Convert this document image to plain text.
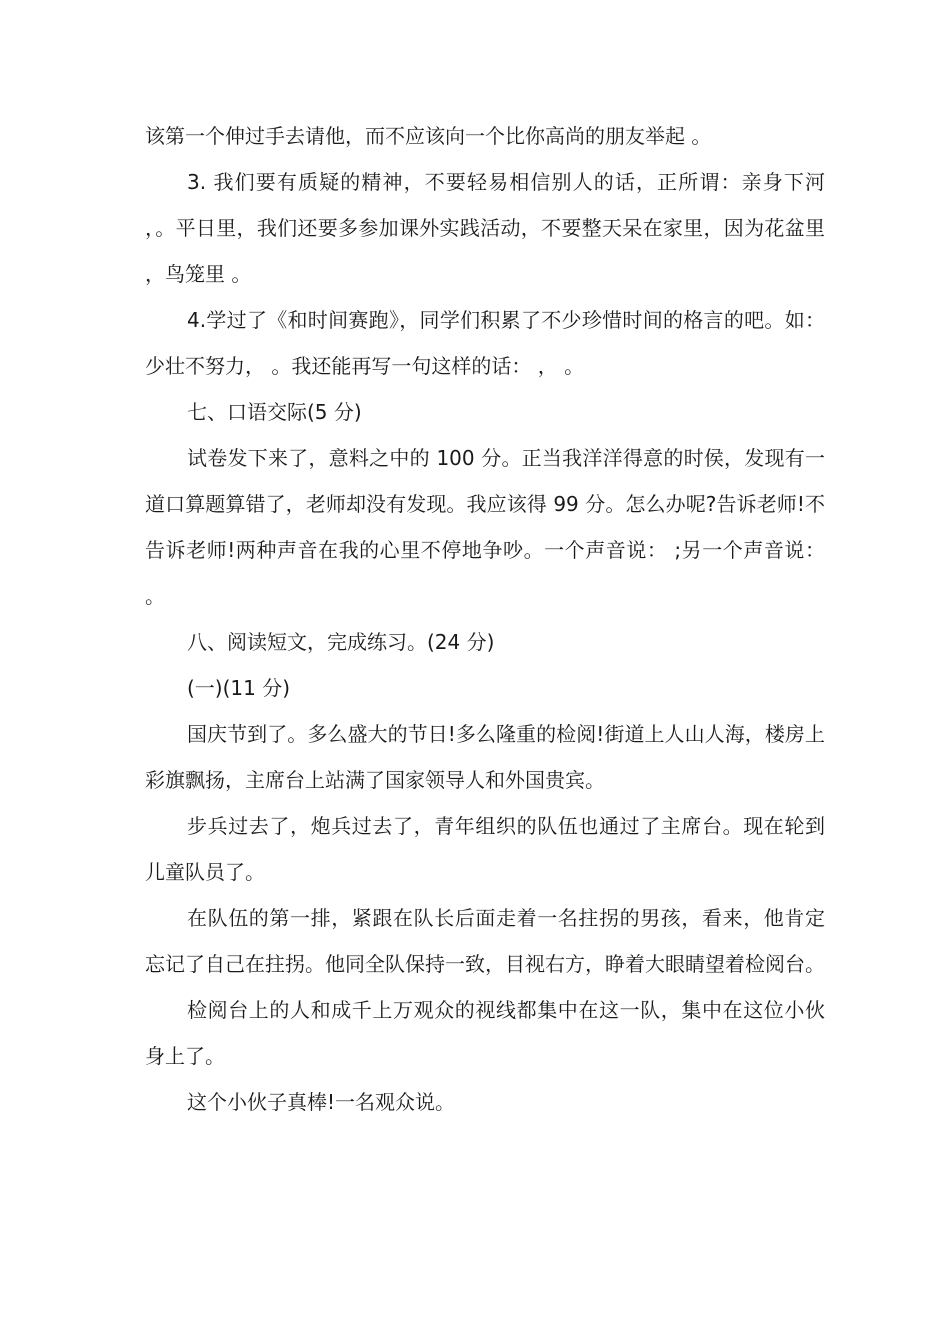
该第一个伸过手去请他，而不应该向一个比你高尚的朋友举起 。

3. 我们要有质疑的精神，不要轻易相信别人的话，正所谓：亲身下河 ，。平日里，我们还要多参加课外实践活动，不要整天呆在家里，因为花盆里 ，鸟笼里 。

4.学过了《和时间赛跑》，同学们积累了不少珍惜时间的格言的吧。如：少壮不努力， 。我还能再写一句这样的话： ， 。

七、口语交际(5 分)

试卷发下来了，意料之中的 100 分。正当我洋洋得意的时侯，发现有一道口算题算错了，老师却没有发现。我应该得 99 分。怎么办呢?告诉老师!不告诉老师!两种声音在我的心里不停地争吵。一个声音说： ;另一个声音说： 。

八、阅读短文，完成练习。(24 分)

(一)(11 分)

国庆节到了。多么盛大的节日!多么隆重的检阅!街道上人山人海，楼房上彩旗飘扬，主席台上站满了国家领导人和外国贵宾。

步兵过去了，炮兵过去了，青年组织的队伍也通过了主席台。现在轮到儿童队员了。

在队伍的第一排，紧跟在队长后面走着一名拄拐的男孩，看来，他肯定忘记了自己在拄拐。他同全队保持一致，目视右方，睁着大眼睛望着检阅台。

检阅台上的人和成千上万观众的视线都集中在这一队，集中在这位小伙身上了。

这个小伙子真棒!一名观众说。
